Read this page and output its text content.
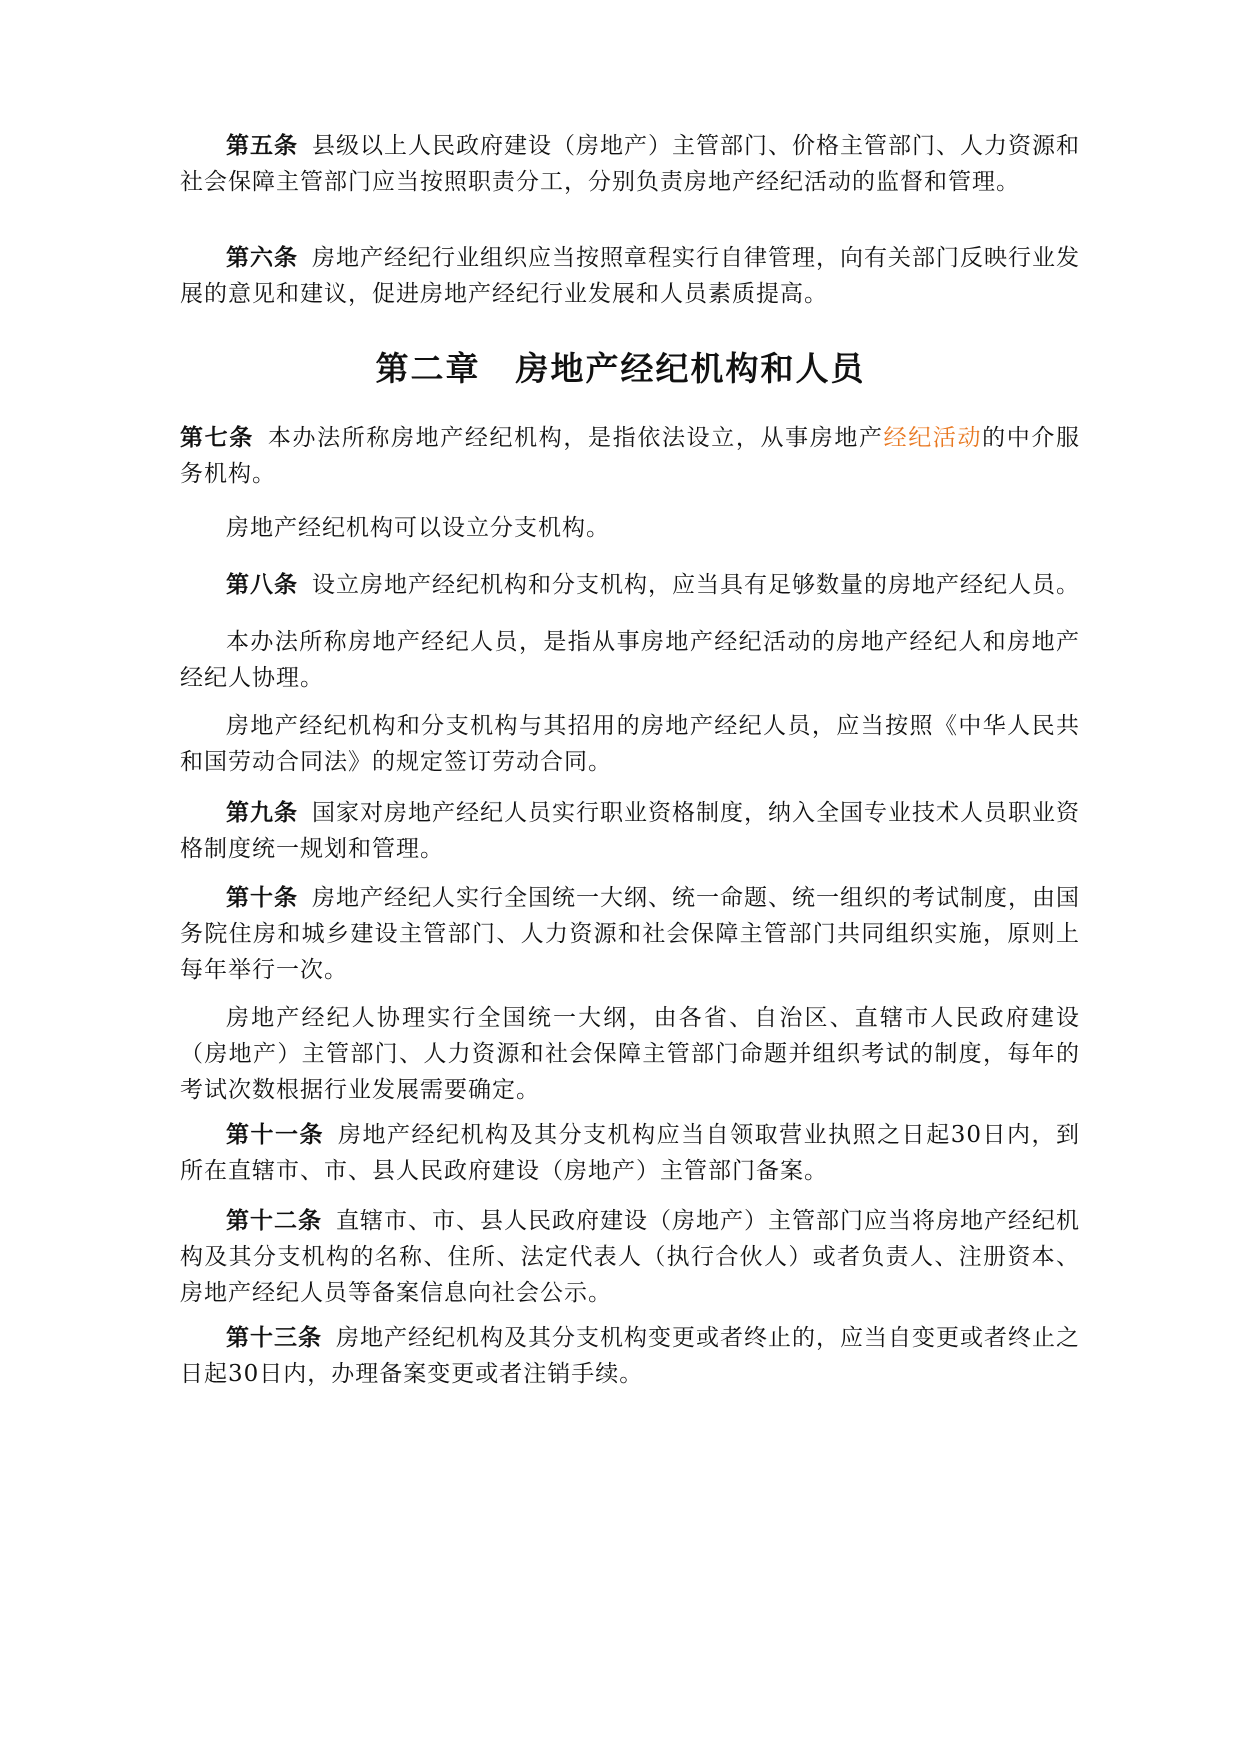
第五条 县级以上人民政府建设（房地产）主管部门、价格主管部门、人力资源和社会保障主管部门应当按照职责分工，分别负责房地产经纪活动的监督和管理。

第六条 房地产经纪行业组织应当按照章程实行自律管理，向有关部门反映行业发展的意见和建议，促进房地产经纪行业发展和人员素质提高。

第二章　房地产经纪机构和人员

第七条 本办法所称房地产经纪机构，是指依法设立，从事房地产经纪活动的中介服务机构。

房地产经纪机构可以设立分支机构。

第八条 设立房地产经纪机构和分支机构，应当具有足够数量的房地产经纪人员。

本办法所称房地产经纪人员，是指从事房地产经纪活动的房地产经纪人和房地产经纪人协理。

房地产经纪机构和分支机构与其招用的房地产经纪人员，应当按照《中华人民共和国劳动合同法》的规定签订劳动合同。

第九条 国家对房地产经纪人员实行职业资格制度，纳入全国专业技术人员职业资格制度统一规划和管理。

第十条 房地产经纪人实行全国统一大纲、统一命题、统一组织的考试制度，由国务院住房和城乡建设主管部门、人力资源和社会保障主管部门共同组织实施，原则上每年举行一次。

房地产经纪人协理实行全国统一大纲，由各省、自治区、直辖市人民政府建设（房地产）主管部门、人力资源和社会保障主管部门命题并组织考试的制度，每年的考试次数根据行业发展需要确定。

第十一条 房地产经纪机构及其分支机构应当自领取营业执照之日起30日内，到所在直辖市、市、县人民政府建设（房地产）主管部门备案。

第十二条 直辖市、市、县人民政府建设（房地产）主管部门应当将房地产经纪机构及其分支机构的名称、住所、法定代表人（执行合伙人）或者负责人、注册资本、房地产经纪人员等备案信息向社会公示。

第十三条 房地产经纪机构及其分支机构变更或者终止的，应当自变更或者终止之日起30日内，办理备案变更或者注销手续。
